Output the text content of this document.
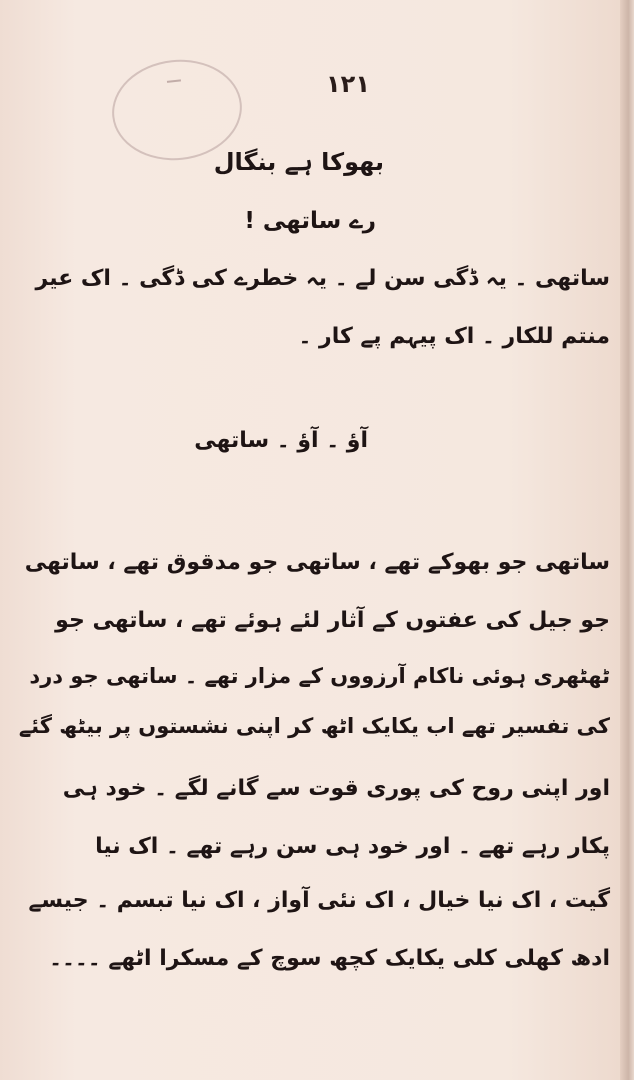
۱۲۱
بھوکا ہے بنگال
رے ساتھی !
ساتھی ۔ یہ ڈگی سن لے ۔ یہ خطرے کی ڈگی ۔ اک عیر
منتم للکار ۔ اک پیہم پے کار ۔
آؤ ۔ آؤ ۔ ساتھی
ساتھی جو بھوکے تھے ، ساتھی جو مدقوق تھے ، ساتھی
جو جیل کی عفتوں کے آثار لئے ہوئے تھے ، ساتھی جو
ٹھٹھری ہوئی ناکام آرزووں کے مزار تھے ۔ ساتھی جو درد
کی تفسیر تھے اب یکایک اٹھ کر اپنی نشستوں پر بیٹھ گئے
اور اپنی روح کی پوری قوت سے گانے لگے ۔ خود ہی
پکار رہے تھے ۔ اور خود ہی سن رہے تھے ۔ اک نیا
گیت ، اک نیا خیال ، اک نئی آواز ، اک نیا تبسم ۔ جیسے
ادھ کھلی کلی یکایک کچھ سوچ کے مسکرا اٹھے ۔۔۔۔
